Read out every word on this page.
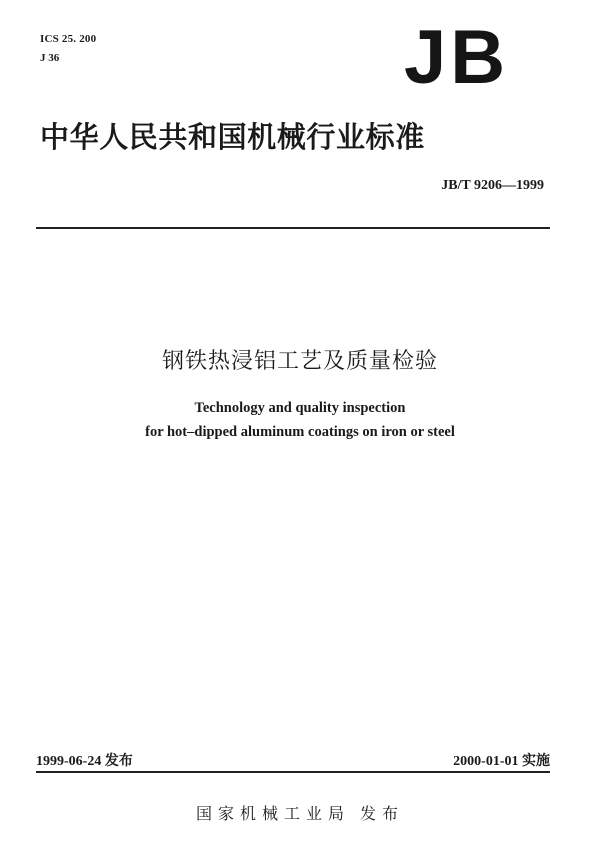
ICS 25. 200
J 36	JB
中华人民共和国机械行业标准
JB/T 9206—1999
钢铁热浸铝工艺及质量检验
Technology and quality inspection
for hot–dipped aluminum coatings on iron or steel
1999-06-24 发布	2000-01-01 实施
国家机械工业局 发布
